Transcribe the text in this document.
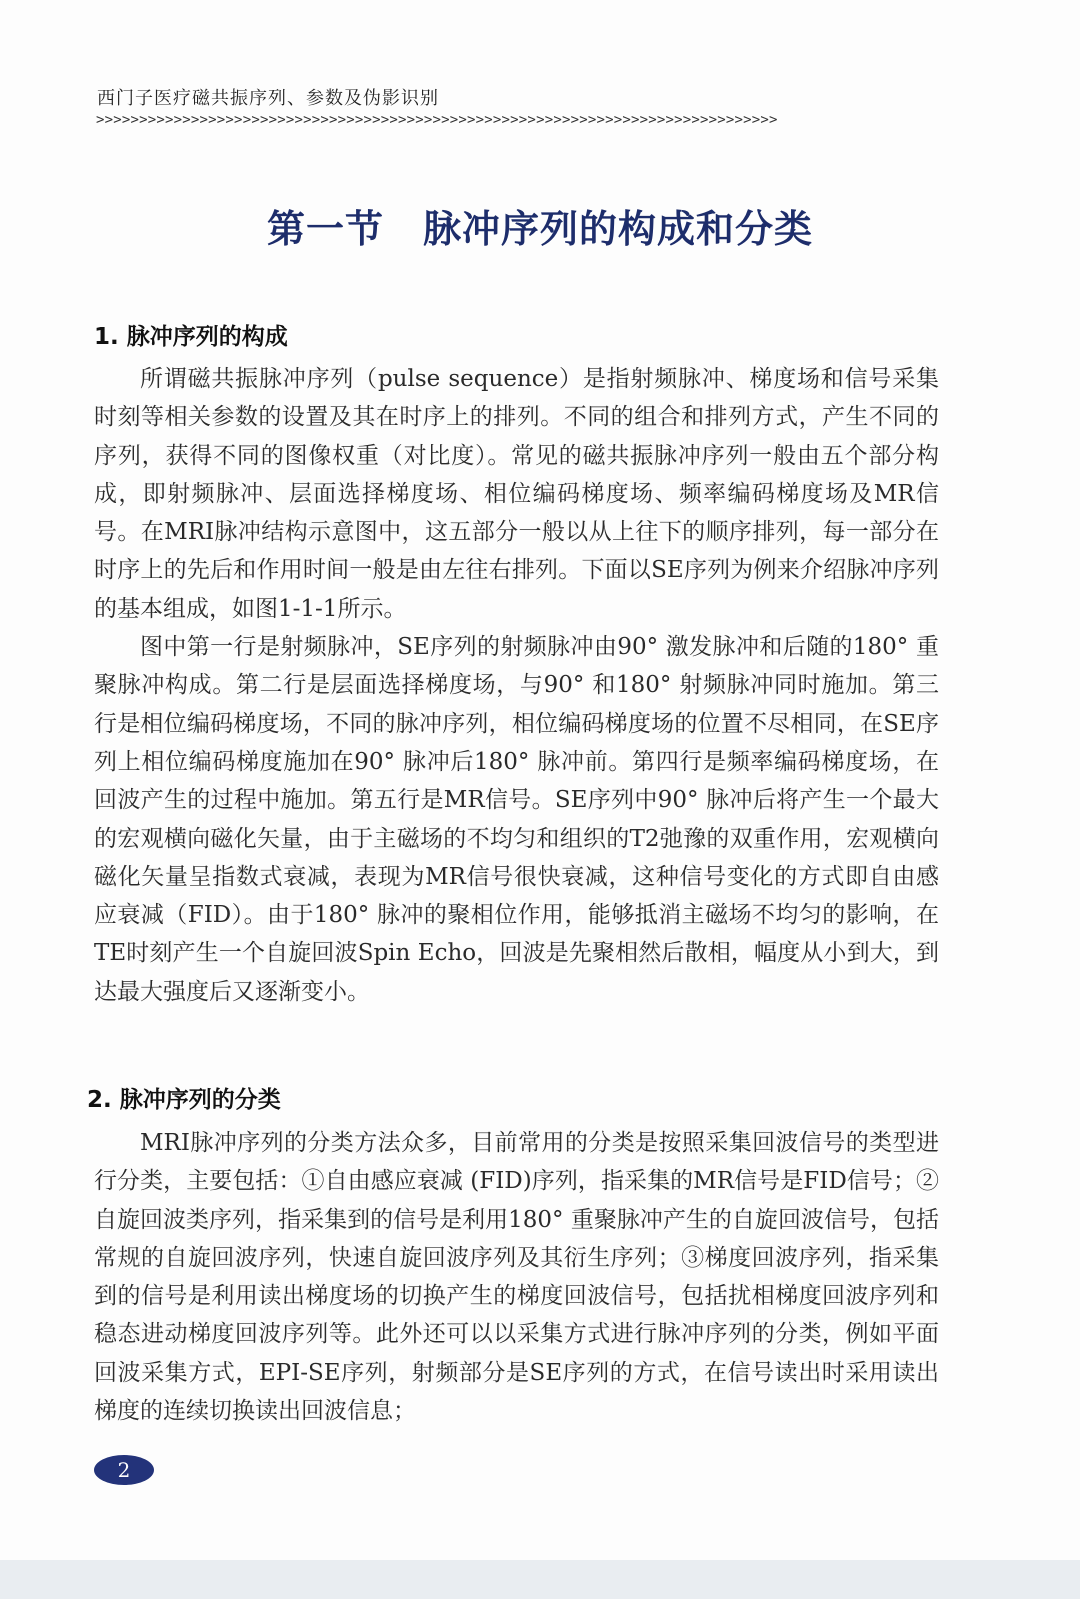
西门子医疗磁共振序列、参数及伪影识别
>>>>>>>>>>>>>>>>>>>>>>>>>>>>>>>>>>>>>>>>>>>>>>>>>>>>>>>>>>>>>>>>>>>>>>>>>>>>>>>
第一节　脉冲序列的构成和分类
1. 脉冲序列的构成

所谓磁共振脉冲序列（pulse sequence）是指射频脉冲、梯度场和信号采集时刻等相关参数的设置及其在时序上的排列。不同的组合和排列方式，产生不同的序列，获得不同的图像权重（对比度）。常见的磁共振脉冲序列一般由五个部分构成，即射频脉冲、层面选择梯度场、相位编码梯度场、频率编码梯度场及MR信号。在MRI脉冲结构示意图中，这五部分一般以从上往下的顺序排列，每一部分在时序上的先后和作用时间一般是由左往右排列。下面以SE序列为例来介绍脉冲序列的基本组成，如图1-1-1所示。

图中第一行是射频脉冲，SE序列的射频脉冲由90° 激发脉冲和后随的180° 重聚脉冲构成。第二行是层面选择梯度场，与90° 和180° 射频脉冲同时施加。第三行是相位编码梯度场，不同的脉冲序列，相位编码梯度场的位置不尽相同，在SE序列上相位编码梯度施加在90° 脉冲后180° 脉冲前。第四行是频率编码梯度场，在回波产生的过程中施加。第五行是MR信号。SE序列中90° 脉冲后将产生一个最大的宏观横向磁化矢量，由于主磁场的不均匀和组织的T2弛豫的双重作用，宏观横向磁化矢量呈指数式衰减，表现为MR信号很快衰减，这种信号变化的方式即自由感应衰减（FID）。由于180° 脉冲的聚相位作用，能够抵消主磁场不均匀的影响，在TE时刻产生一个自旋回波Spin Echo，回波是先聚相然后散相，幅度从小到大，到达最大强度后又逐渐变小。

2. 脉冲序列的分类

MRI脉冲序列的分类方法众多，目前常用的分类是按照采集回波信号的类型进行分类，主要包括：①自由感应衰减 (FID)序列，指采集的MR信号是FID信号；②自旋回波类序列，指采集到的信号是利用180° 重聚脉冲产生的自旋回波信号，包括常规的自旋回波序列，快速自旋回波序列及其衍生序列；③梯度回波序列，指采集到的信号是利用读出梯度场的切换产生的梯度回波信号，包括扰相梯度回波序列和稳态进动梯度回波序列等。此外还可以以采集方式进行脉冲序列的分类，例如平面回波采集方式，EPI-SE序列，射频部分是SE序列的方式，在信号读出时采用读出梯度的连续切换读出回波信息；

2
